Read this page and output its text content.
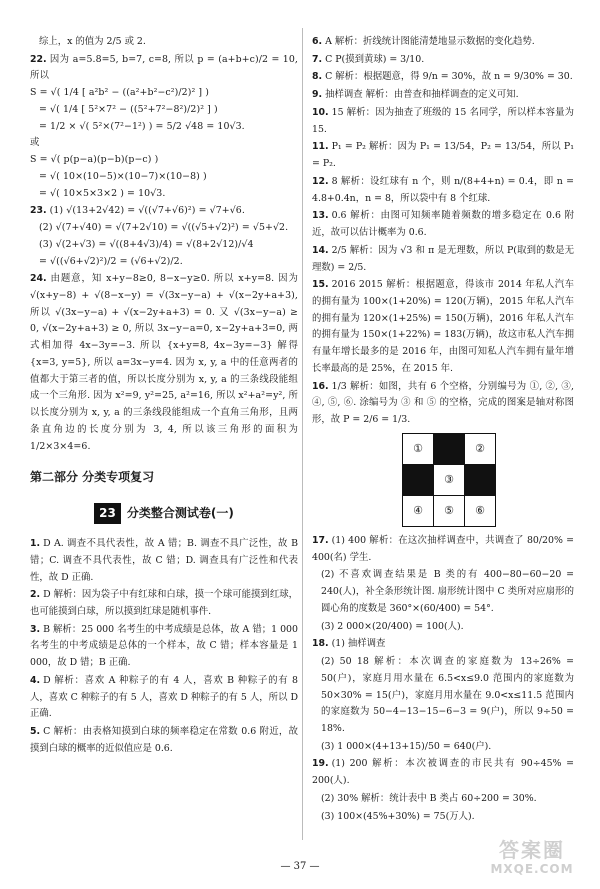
综上，x 的值为 2/5 或 2.
22. 因为 a=5.8=5, b=7, c=8, 所以 p = (a+b+c)/2 = 10, 所以
S = √( 1/4 [ a²b² − ((a²+b²−c²)/2)² ] )
= √( 1/4 [ 5²×7² − ((5²+7²−8²)/2)² ] )
= 1/2 × √( 5²×(7²−1²) ) = 5/2 √48 = 10√3.
或
S = √( p(p−a)(p−b)(p−c) )
= √( 10×(10−5)×(10−7)×(10−8) )
= √( 10×5×3×2 ) = 10√3.
23. (1) √(13+2√42) = √((√7+√6)²) = √7+√6.
(2) √(7+√40) = √(7+2√10) = √((√5+√2)²) = √5+√2.
(3) √(2+√3) = √((8+4√3)/4) = √(8+2√12)/√4
= √((√6+√2)²)/2 = (√6+√2)/2.
24. 由题意，知 x+y−8≥0, 8−x−y≥0. 所以 x+y=8. 因为 √(x+y−8) + √(8−x−y) = √(3x−y−a) + √(x−2y+a+3), 所以 √(3x−y−a) + √(x−2y+a+3) = 0. 又 √(3x−y−a) ≥ 0, √(x−2y+a+3) ≥ 0, 所以 3x−y−a=0, x−2y+a+3=0, 两式相加得 4x−3y=−3. 所以 {x+y=8, 4x−3y=−3} 解得 {x=3, y=5}, 所以 a=3x−y=4. 因为 x, y, a 中的任意两者的值都大于第三者的值，所以长度分别为 x, y, a 的三条线段能组成一个三角形. 因为 x²=9, y²=25, a²=16, 所以 x²+a²=y², 所以长度分别为 x, y, a 的三条线段能组成一个直角三角形，且两条直角边的长度分别为 3, 4, 所以该三角形的面积为 1/2×3×4=6.
第二部分 分类专项复习
23 分类整合测试卷(一)
1. D A. 调查不具代表性，故 A 错；B. 调查不具广泛性，故 B 错；C. 调查不具代表性，故 C 错；D. 调查具有广泛性和代表性，故 D 正确.
2. D 解析：因为袋子中有红球和白球，摸一个球可能摸到红球，也可能摸到白球，所以摸到红球是随机事件.
3. B 解析：25 000 名考生的中考成绩是总体，故 A 错；1 000 名考生的中考成绩是总体的一个样本，故 C 错；样本容量是 1 000，故 D 错；B 正确.
4. D 解析：喜欢 A 种粽子的有 4 人，喜欢 B 种粽子的有 8 人，喜欢 C 种粽子的有 5 人，喜欢 D 种粽子的有 5 人，所以 D 正确.
5. C 解析：由表格知摸到白球的频率稳定在常数 0.6 附近，故摸到白球的概率的近似值应是 0.6.
6. A 解析：折线统计图能清楚地显示数据的变化趋势.
7. C P(摸到黄球) = 3/10.
8. C 解析：根据题意，得 9/n = 30%，故 n = 9/30% = 30.
9. 抽样调查 解析：由普查和抽样调查的定义可知.
10. 15 解析：因为抽查了班级的 15 名同学，所以样本容量为 15.
11. P₁ = P₂ 解析：因为 P₁ = 13/54，P₂ = 13/54，所以 P₁ = P₂.
12. 8 解析：设红球有 n 个，则 n/(8+4+n) = 0.4，即 n = 4.8+0.4n，n = 8，所以袋中有 8 个红球.
13. 0.6 解析：由图可知频率随着频数的增多稳定在 0.6 附近，故可以估计概率为 0.6.
14. 2/5 解析：因为 √3 和 π 是无理数，所以 P(取到的数是无理数) = 2/5.
15. 2016 2015 解析：根据题意，得该市 2014 年私人汽车的拥有量为 100×(1+20%) = 120(万辆)，2015 年私人汽车的拥有量为 120×(1+25%) = 150(万辆)，2016 年私人汽车的拥有量为 150×(1+22%) = 183(万辆)，故这市私人汽车拥有量年增长最多的是 2016 年，由图可知私人汽车拥有量年增长率最高的是 25%，在 2015 年.
16. 1/3 解析：如图，共有 6 个空格，分别编号为 ①, ②, ③, ④, ⑤, ⑥. 涂编号为 ③ 和 ⑤ 的空格，完成的图案是轴对称图形，故 P = 2/6 = 1/3.
①		②
	③	
④	⑤	⑥
17. (1) 400 解析：在这次抽样调查中，共调查了 80/20% = 400(名) 学生.
(2) 不喜欢调查结果是 B 类的有 400−80−60−20 = 240(人)，补全条形统计图. 扇形统计图中 C 类所对应扇形的圆心角的度数是 360°×(60/400) = 54°.
(3) 2 000×(20/400) = 100(人).
18. (1) 抽样调查
(2) 50 18 解析：本次调查的家庭数为 13÷26% = 50(户)，家庭月用水量在 6.5<x≤9.0 范围内的家庭数为 50×30% = 15(户)，家庭月用水量在 9.0<x≤11.5 范围内的家庭数为 50−4−13−15−6−3 = 9(户)，所以 9÷50 = 18%.
(3) 1 000×(4+13+15)/50 = 640(户).
19. (1) 200 解析：本次被调查的市民共有 90÷45% = 200(人).
(2) 30% 解析：统计表中 B 类占 60÷200 = 30%.
(3) 100×(45%+30%) = 75(万人).
— 37 —
答案圈
MXQE.COM
